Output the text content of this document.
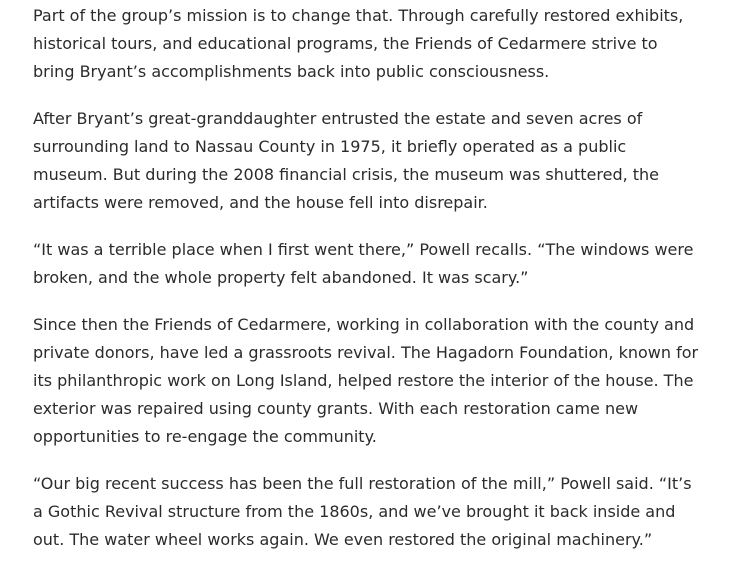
Part of the group’s mission is to change that. Through carefully restored exhibits, historical tours, and educational programs, the Friends of Cedarmere strive to bring Bryant’s accomplishments back into public consciousness.

After Bryant’s great-granddaughter entrusted the estate and seven acres of surrounding land to Nassau County in 1975, it briefly operated as a public museum. But during the 2008 financial crisis, the museum was shuttered, the artifacts were removed, and the house fell into disrepair.

“It was a terrible place when I first went there,” Powell recalls. “The windows were broken, and the whole property felt abandoned. It was scary.”

Since then the Friends of Cedarmere, working in collaboration with the county and private donors, have led a grassroots revival. The Hagadorn Foundation, known for its philanthropic work on Long Island, helped restore the interior of the house. The exterior was repaired using county grants. With each restoration came new opportunities to re-engage the community.

“Our big recent success has been the full restoration of the mill,” Powell said. “It’s a Gothic Revival structure from the 1860s, and we’ve brought it back inside and out. The water wheel works again. We even restored the original machinery.”
